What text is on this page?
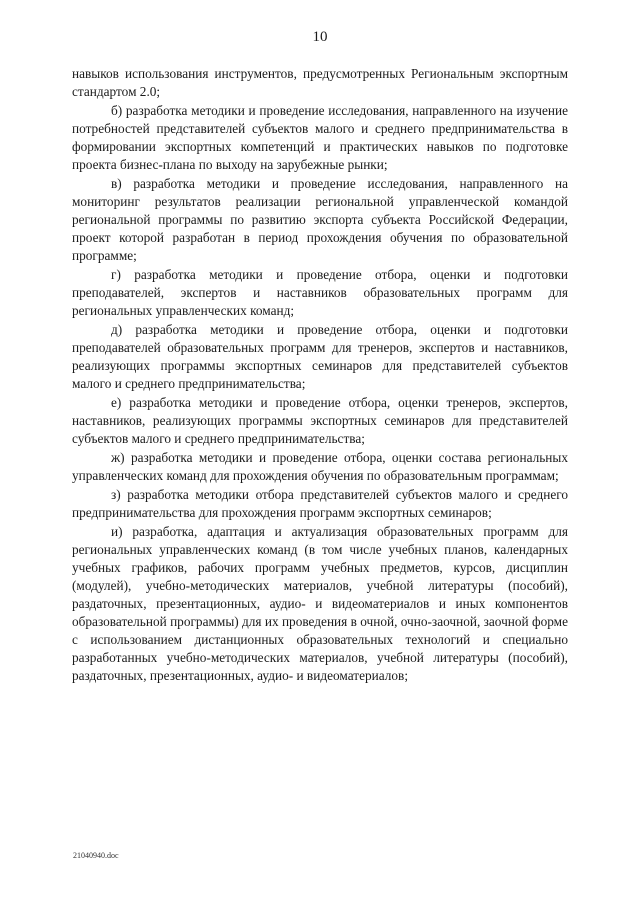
10

навыков использования инструментов, предусмотренных Региональным экспортным стандартом 2.0;

б) разработка методики и проведение исследования, направленного на изучение потребностей представителей субъектов малого и среднего предпринимательства в формировании экспортных компетенций и практических навыков по подготовке проекта бизнес-плана по выходу на зарубежные рынки;

в) разработка методики и проведение исследования, направленного на мониторинг результатов реализации региональной управленческой командой региональной программы по развитию экспорта субъекта Российской Федерации, проект которой разработан в период прохождения обучения по образовательной программе;

г) разработка методики и проведение отбора, оценки и подготовки преподавателей, экспертов и наставников образовательных программ для региональных управленческих команд;

д) разработка методики и проведение отбора, оценки и подготовки преподавателей образовательных программ для тренеров, экспертов и наставников, реализующих программы экспортных семинаров для представителей субъектов малого и среднего предпринимательства;

е) разработка методики и проведение отбора, оценки тренеров, экспертов, наставников, реализующих программы экспортных семинаров для представителей субъектов малого и среднего предпринимательства;

ж) разработка методики и проведение отбора, оценки состава региональных управленческих команд для прохождения обучения по образовательным программам;

з) разработка методики отбора представителей субъектов малого и среднего предпринимательства для прохождения программ экспортных семинаров;

и) разработка, адаптация и актуализация образовательных программ для региональных управленческих команд (в том числе учебных планов, календарных учебных графиков, рабочих программ учебных предметов, курсов, дисциплин (модулей), учебно-методических материалов, учебной литературы (пособий), раздаточных, презентационных, аудио- и видеоматериалов и иных компонентов образовательной программы) для их проведения в очной, очно-заочной, заочной форме с использованием дистанционных образовательных технологий и специально разработанных учебно-методических материалов, учебной литературы (пособий), раздаточных, презентационных, аудио- и видеоматериалов;

21040940.doc
